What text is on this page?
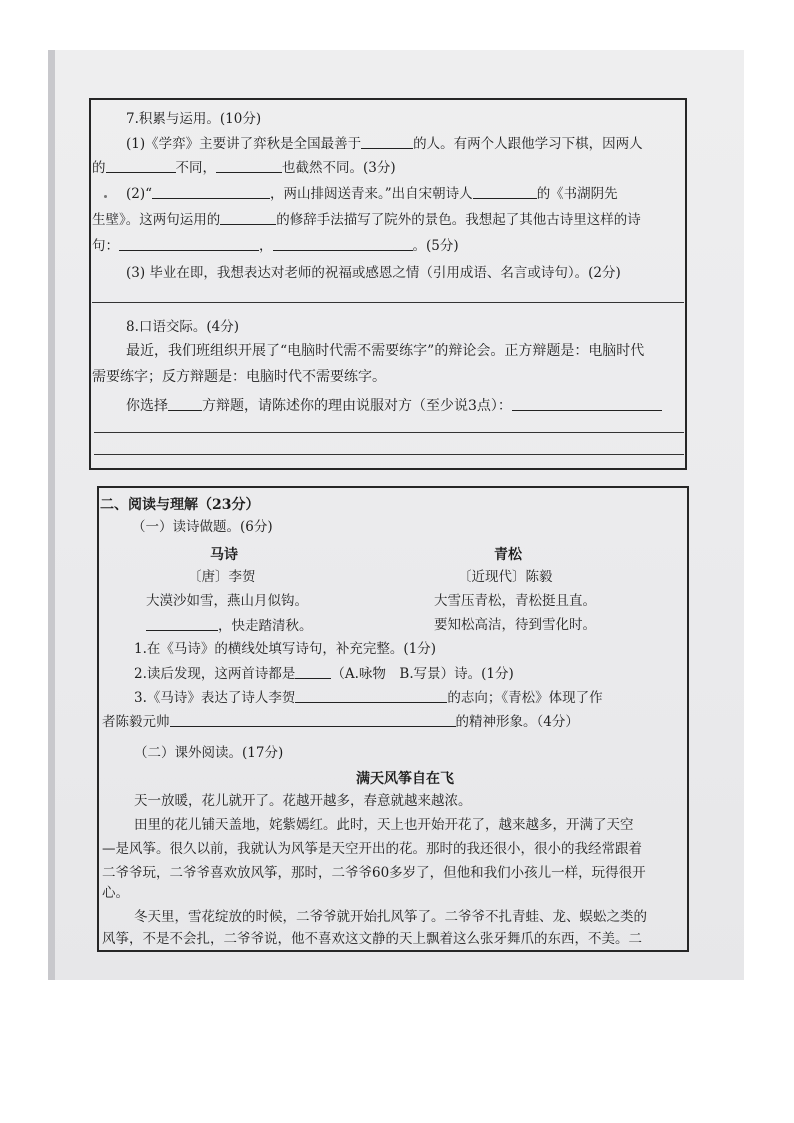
7.积累与运用。(10分)
(1)《学弈》主要讲了弈秋是全国最善于	的人。有两个人跟他学习下棋，因两人
的	不同，	也截然不同。(3分)
(2)“	，两山排闼送青来。”出自宋朝诗人	的《书湖阴先
生壁》。这两句运用的	的修辞手法描写了院外的景色。我想起了其他古诗里这样的诗
句：	，	。(5分)
(3) 毕业在即，我想表达对老师的祝福或感恩之情（引用成语、名言或诗句）。(2分)
8.口语交际。(4分)
最近，我们班组织开展了“电脑时代需不需要练字”的辩论会。正方辩题是：电脑时代
需要练字；反方辩题是：电脑时代不需要练字。
你选择 方辩题，请陈述你的理由说服对方（至少说3点）：
二、阅读与理解（23分）
（一）读诗做题。(6分)
马诗	青松
〔唐〕李贺	〔近现代〕陈毅
大漠沙如雪，燕山月似钩。	大雪压青松，青松挺且直。
，快走踏清秋。	要知松高洁，待到雪化时。
1.在《马诗》的横线处填写诗句，补充完整。(1分)
2.读后发现，这两首诗都是	（A.咏物　B.写景）诗。(1分)
3.《马诗》表达了诗人李贺	的志向；《青松》体现了作
者陈毅元帅	的精神形象。（4分）
（二）课外阅读。(17分)
满天风筝自在飞
天一放暖，花儿就开了。花越开越多，春意就越来越浓。
田里的花儿铺天盖地，姹紫嫣红。此时，天上也开始开花了，越来越多，开满了天空
—是风筝。很久以前，我就认为风筝是天空开出的花。那时的我还很小，很小的我经常跟着
二爷爷玩，二爷爷喜欢放风筝，那时，二爷爷60多岁了，但他和我们小孩儿一样，玩得很开
心。
冬天里，雪花绽放的时候，二爷爷就开始扎风筝了。二爷爷不扎青蛙、龙、蜈蚣之类的
风筝，不是不会扎，二爷爷说，他不喜欢这文静的天上飘着这么张牙舞爪的东西，不美。二
